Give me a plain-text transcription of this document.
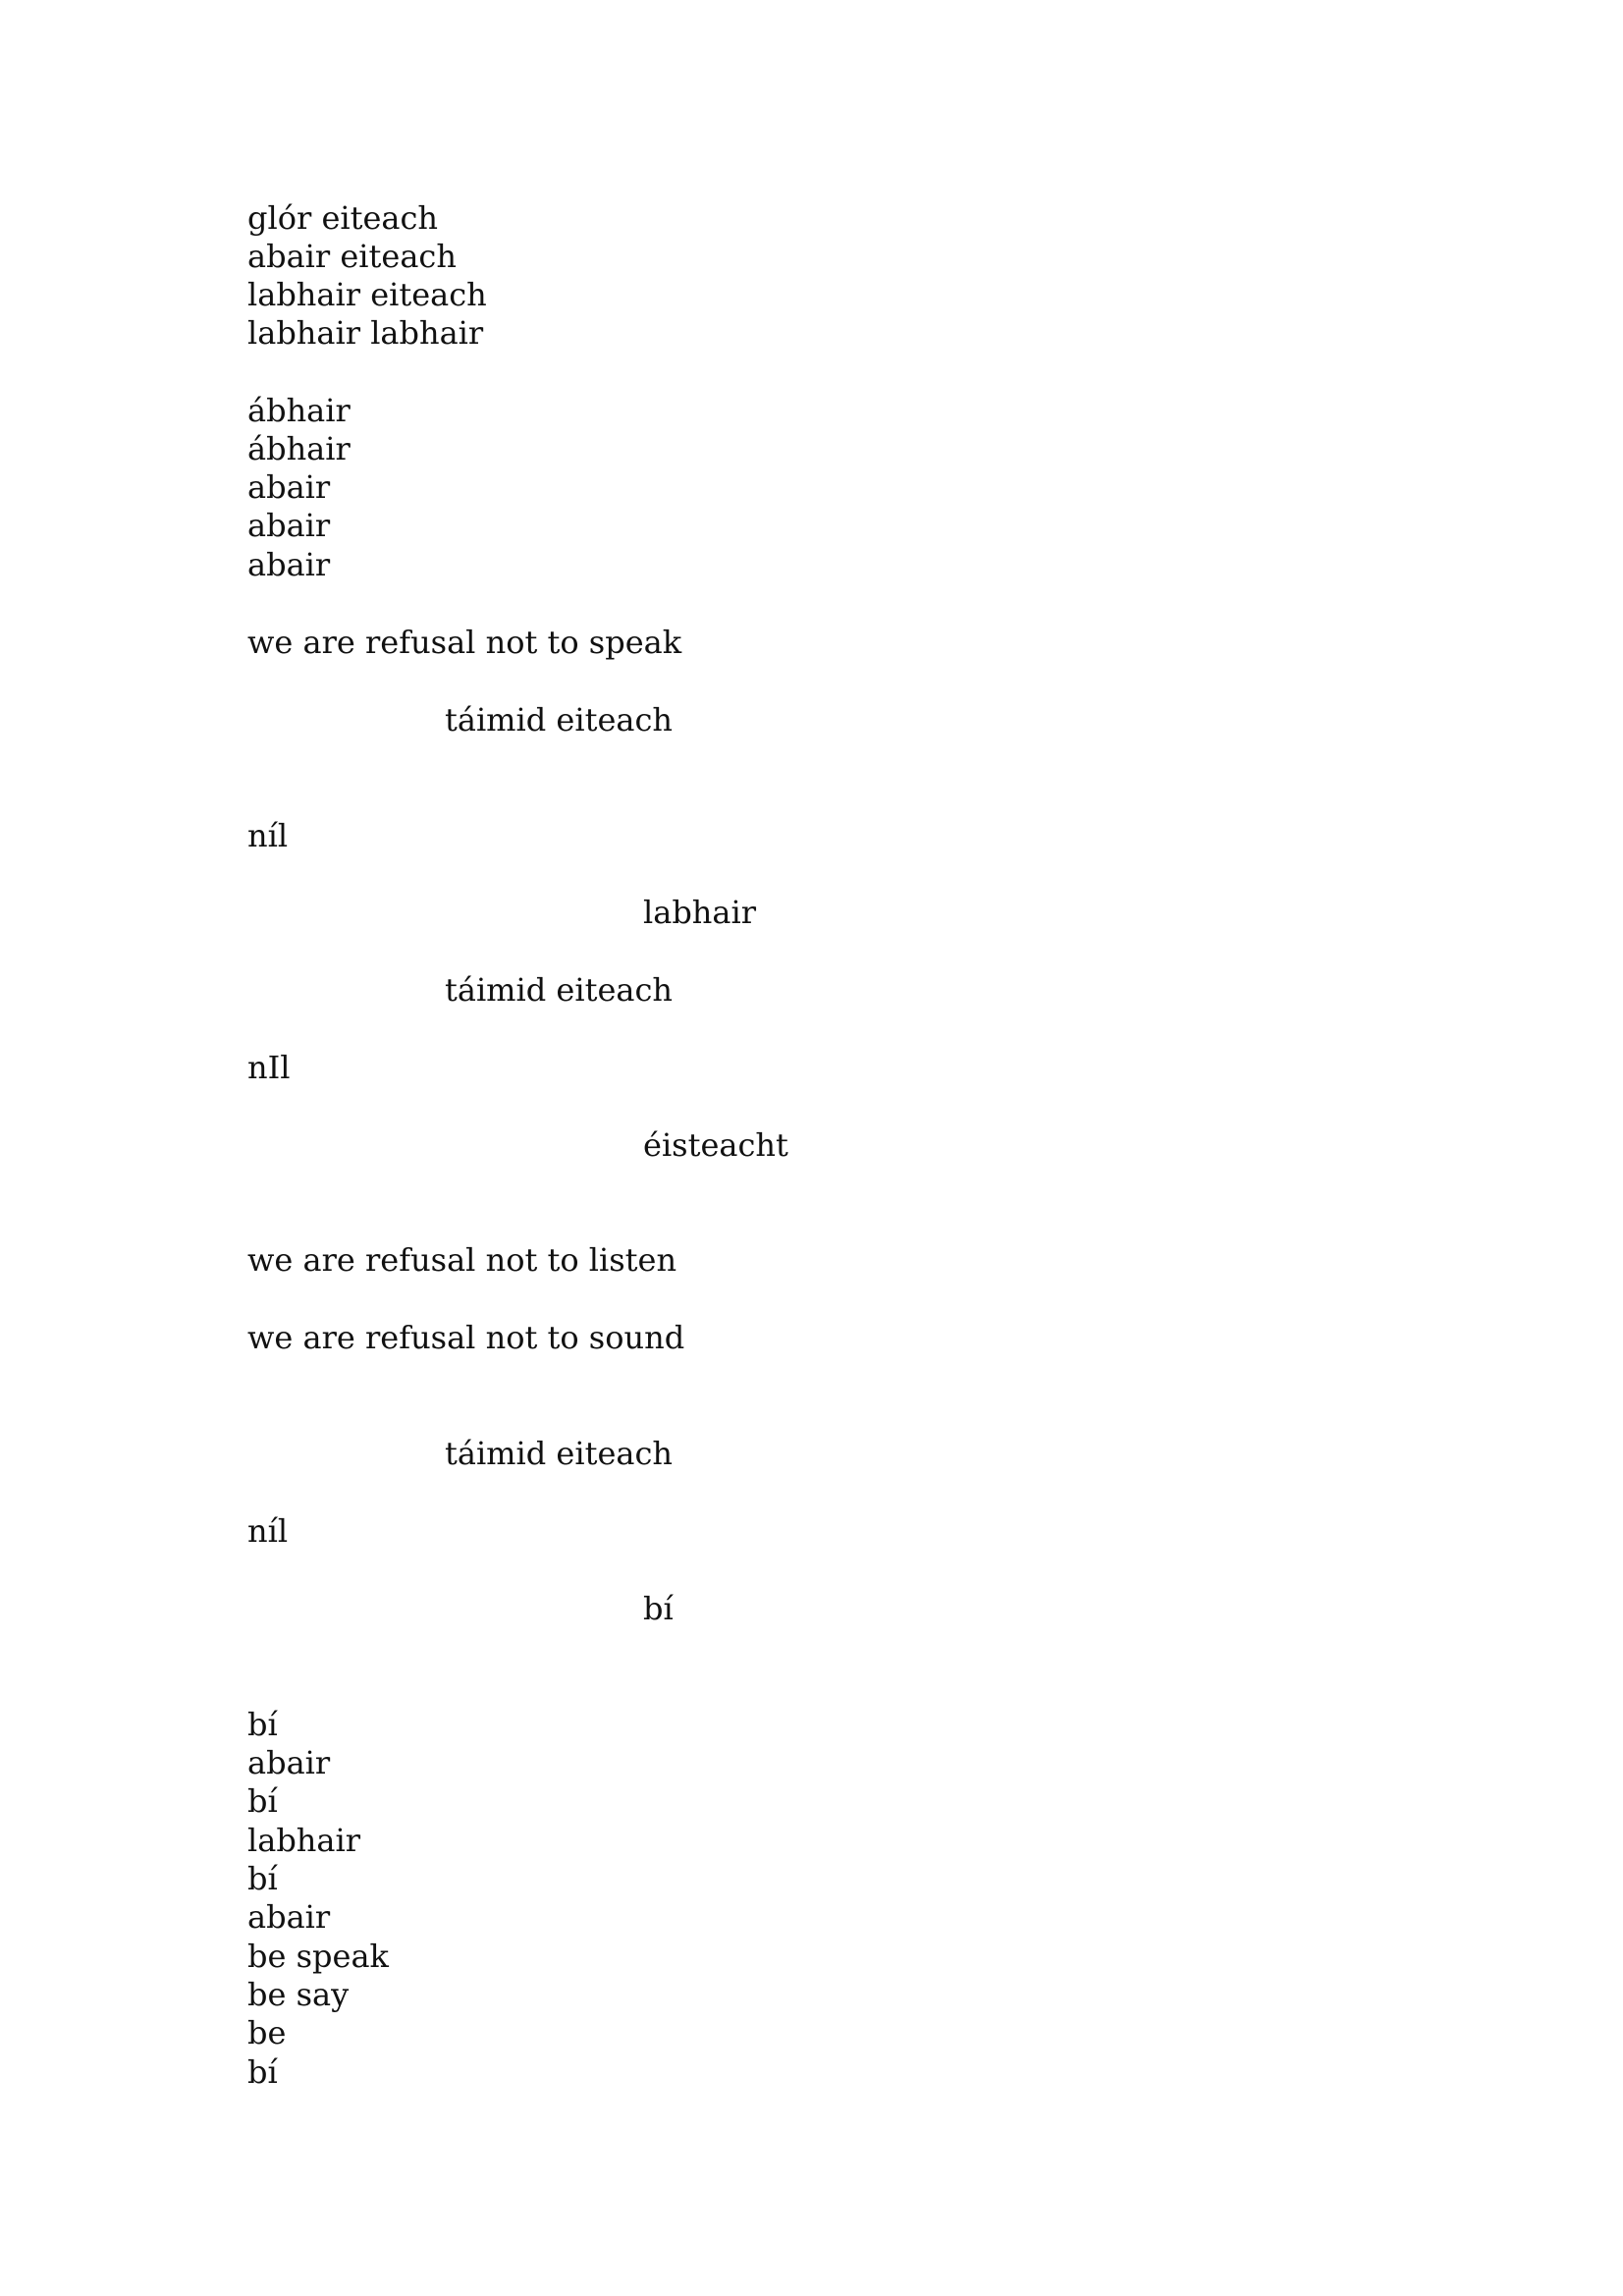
glór eiteach
abair eiteach
labhair eiteach
labhair labhair
ábhair
ábhair
abair
abair
abair
we are refusal not to speak
táimid eiteach
níl
labhair
táimid eiteach
nIl
éisteacht
we are refusal not to listen
we are refusal not to sound
táimid eiteach
níl
bí
bí
abair
bí
labhair
bí
abair
be speak
be say
be
bí
